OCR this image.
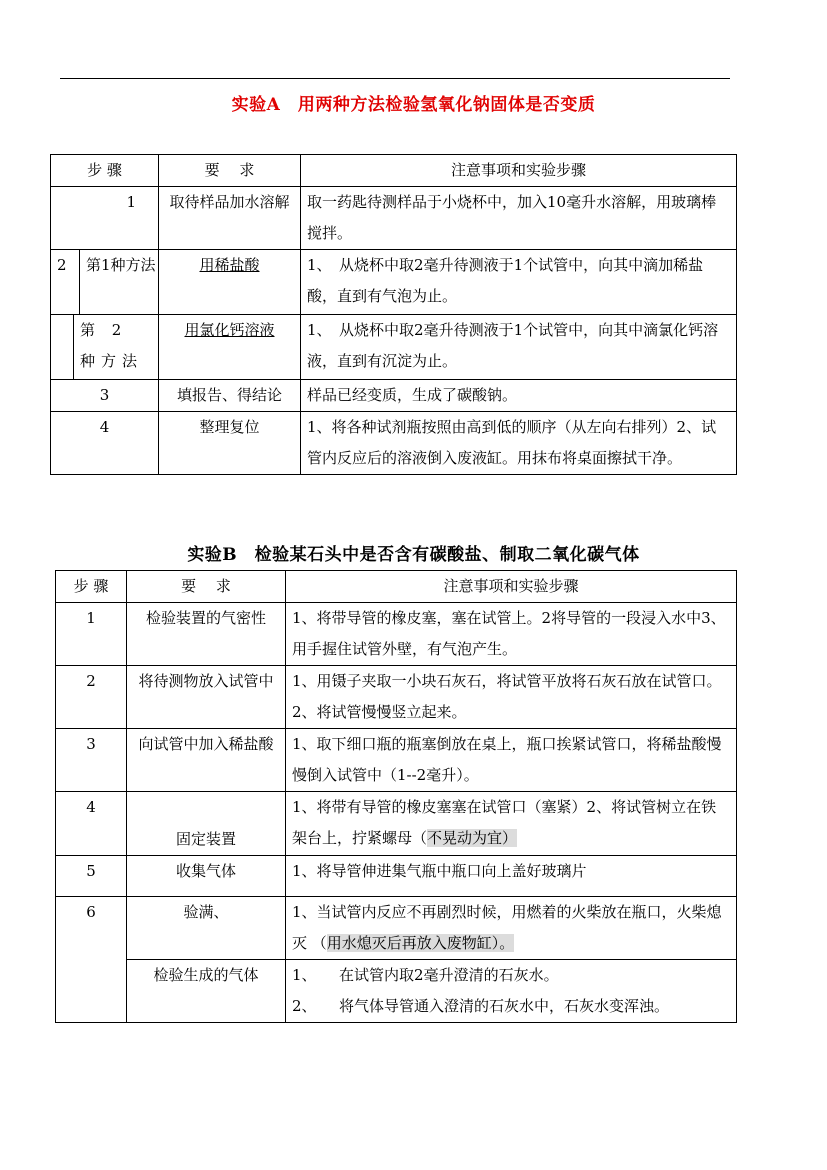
实验A　用两种方法检验氢氧化钠固体是否变质
步 骤	要　 求	注意事项和实验步骤
1	取待样品加水溶解	取一药匙待测样品于小烧杯中，加入10毫升水溶解，用玻璃棒搅拌。

2 第1种方法	用稀盐酸	1、　从烧杯中取2毫升待测液于1个试管中，向其中滴加稀盐酸，直到有气泡为止。

第 2 种方法	用氯化钙溶液	1、　从烧杯中取2毫升待测液于1个试管中，向其中滴氯化钙溶液，直到有沉淀为止。
3	填报告、得结论	样品已经变质，生成了碳酸钠。
4	整理复位	1、将各种试剂瓶按照由高到低的顺序（从左向右排列）2、试管内反应后的溶液倒入废液缸。用抹布将桌面擦拭干净。
实验B　检验某石头中是否含有碳酸盐、制取二氧化碳气体
步 骤	要　 求	注意事项和实验步骤
1	检验装置的气密性	1、将带导管的橡皮塞，塞在试管上。2将导管的一段浸入水中3、用手握住试管外壁，有气泡产生。
2	将待测物放入试管中	1、用镊子夹取一小块石灰石，将试管平放将石灰石放在试管口。2、将试管慢慢竖立起来。
3	向试管中加入稀盐酸	1、取下细口瓶的瓶塞倒放在桌上，瓶口挨紧试管口，将稀盐酸慢慢倒入试管中（1--2毫升）。
4	固定装置	1、将带有导管的橡皮塞塞在试管口（塞紧）2、将试管树立在铁架台上，拧紧螺母（不晃动为宜）
5	收集气体	1、将导管伸进集气瓶中瓶口向上盖好玻璃片
6	验满、	1、当试管内反应不再剧烈时候，用燃着的火柴放在瓶口，火柴熄灭 （用水熄灭后再放入废物缸）。
	检验生成的气体	1、　　在试管内取2毫升澄清的石灰水。
2、　　将气体导管通入澄清的石灰水中，石灰水变浑浊。
